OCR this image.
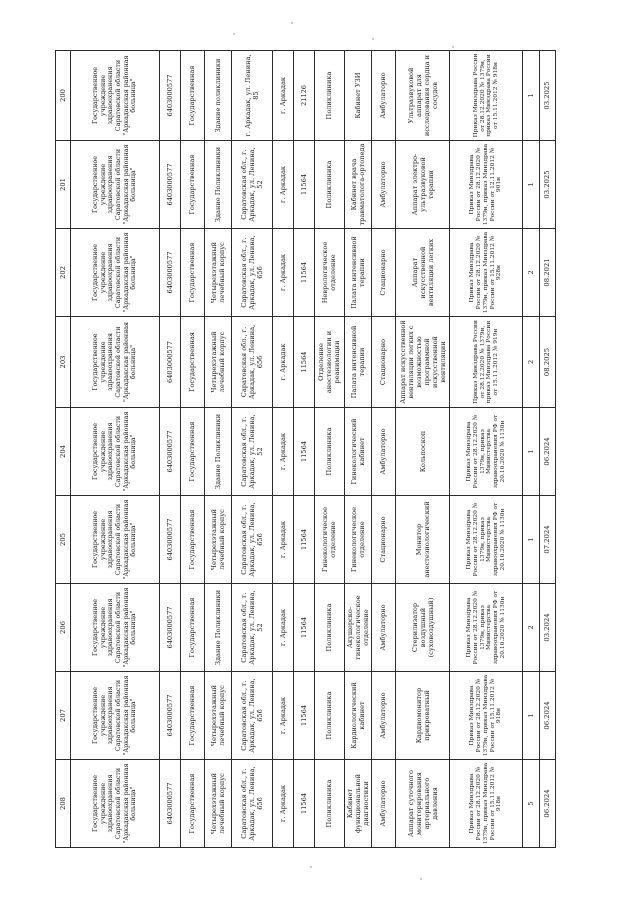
208	207	206	205	204	203	202	201	200
Государственное учреждение здравоохранения Саратовской области "Аркадакская районная больница"	Государственное учреждение здравоохранения Саратовской области "Аркадакская районная больница"	Государственное учреждение здравоохранения Саратовской области "Аркадакская районная больница"	Государственное учреждение здравоохранения Саратовской области "Аркадакская районная больница"	Государственное учреждение здравоохранения Саратовской области "Аркадакская районная больница"	Государственное учреждение здравоохранения Саратовской области "Аркадакская районная больница"	Государственное учреждение здравоохранения Саратовской области "Аркадакская районная больница"	Государственное учреждение здравоохранения Саратовской области "Аркадакская районная больница"	Государственное учреждение здравоохранения Саратовской области "Аркадакская районная больница"
6403000577	6403000577	6403000577	6403000577	6403000577	6403000577	6403000577	6403000577	6403000577
Государственная	Государственная	Государственная	Государственная	Государственная	Государственная	Государственная	Государственная	Государственная
Четырехэтажный лечебный корпус	Четырехэтажный лечебный корпус	Здание Поликлиники	Четырехэтажный лечебный корпус	Здание Поликлиники	Четырехэтажный лечебный корпус	Четырехэтажный лечебный корпус	Здание Поликлиники	Здание поликлиники
Саратовская обл., г. Аркадак, ул. Ленина, 65б	Саратовская обл., г. Аркадак, ул. Ленина, 65б	Саратовская обл., г. Аркадак, ул. Ленина, 52	Саратовская обл., г. Аркадак, ул. Ленина, 65б	Саратовская обл., г. Аркадак, ул. Ленина, 52	Саратовская обл., г. Аркадак, ул. Ленина, 65б	Саратовская обл., г. Аркадак, ул. Ленина, 65б	Саратовская обл., г. Аркадак, ул. Ленина, 52	г. Аркадак, ул. Ленина, 85
г. Аркадак	г. Аркадак	г. Аркадак	г. Аркадак	г. Аркадак	г. Аркадак	г. Аркадак	г. Аркадак	г. Аркадак
11564	11564	11564	11564	11564	11564	11564	11564	21126
Поликлиника	Поликлиника	Поликлиника	Гинекологическое отделение	Поликлиника	Отделение анестезиологии и реанимации	Неврологическое отделение	Поликлиника	Поликлиника
Кабинет функциональной диагностики	Кардиологический кабинет	Акушерско-гинекологическое отделение	Гинекологическое отделение	Гинекологический кабинет	Палата интенсивной терапии	Палата интенсивной терапии	Кабинет врача травматолога-ортопеда	Кабинет УЗИ
Амбулаторно	Амбулаторно	Амбулаторно	Стационарно	Амбулаторно	Стационарно	Стационарно	Амбулаторно	Амбулаторно
Аппарат суточного мониторирования артериального давления	Кардиомонитор прикроватный	Стерилизатор воздушный (суховоздушный)	Монитор анестезиологический	Кольпоскоп	Аппарат искусственной вентиляции легких с возможностью программной искусственной вентиляции	Аппарат искусственной вентиляции легких	Аппарат электро-ультразвуковой терапии	Ультразвуковой аппарат для исследования сердца и сосудов
Приказ Минздрава России от 28.12.2020 № 1379н, приказ Минздрава России от 15.11.2012 № 918н	Приказ Минздрава России от 28.12.2020 № 1379н, приказ Минздрава России от 15.11.2012 № 918н	Приказ Минздрава России от 28.12.2020 № 1379н, приказ Министерства здравоохранения РФ от 20.10.2020 № 1130н	Приказ Минздрава России от 28.12.2020 № 1379н, приказ Министерства здравоохранения РФ от 20.10.2020 № 1130н	Приказ Минздрава России от 28.12.2020 № 1379н, приказ Министерства здравоохранения РФ от 20.10.2020 № 1130н	Приказ Минздрава России от 28.12.2020 № 1379н, приказ Минздрава России от 15.11.2012 № 919н	Приказ Минздрава России от 28.12.2020 № 1379н, приказ Минздрава России от 15.11.2012 № 928н	Приказ Минздрава России от 28.12.2020 № 1379н, приказ Минздрава России от 12.11.2012 № 901н	Приказ Минздрава России от 28.12.2020 № 1379н, приказ Минздрава России от 15.11.2012 № 918н
5	1	2	1	1	2	2	1	1
06.2024	06.2024	03.2024	07.2024	06.2024	08.2025	08.2021	03.2025	03.2025
